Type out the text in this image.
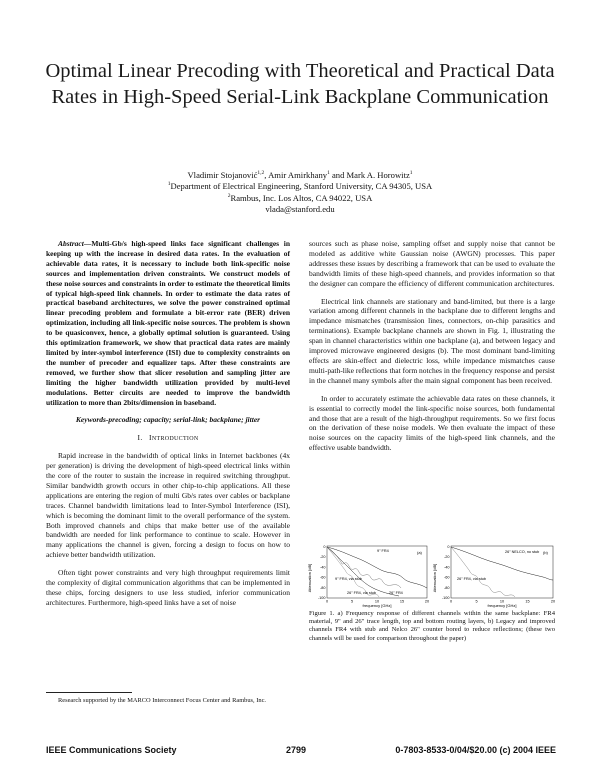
Optimal Linear Precoding with Theoretical and Practical Data Rates in High-Speed Serial-Link Backplane Communication
Vladimir Stojanović$^{1,2}$, Amir Amirkhany$^1$ and Mark A. Horowitz$^1$
$^1$Department of Electrical Engineering, Stanford University, CA 94305, USA
$^2$Rambus, Inc. Los Altos, CA 94022, USA
vlada@stanford.edu

Abstract—Multi-Gb/s high-speed links face significant challenges in keeping up with the increase in desired data rates. In the evaluation of achievable data rates, it is necessary to include both link-specific noise sources and implementation driven constraints. We construct models of these noise sources and constraints in order to estimate the theoretical limits of typical high-speed link channels. In order to estimate the data rates of practical baseband architectures, we solve the power constrained optimal linear precoding problem and formulate a bit-error rate (BER) driven optimization, including all link-specific noise sources. The problem is shown to be quasiconvex, hence, a globally optimal solution is guaranteed. Using this optimization framework, we show that practical data rates are mainly limited by inter-symbol interference (ISI) due to complexity constraints on the number of precoder and equalizer taps. After these constraints are removed, we further show that slicer resolution and sampling jitter are limiting the higher bandwidth utilization provided by multi-level modulations. Better circuits are needed to improve the bandwidth utilization to more than 2bits/dimension in baseband.

Keywords-precoding; capacity; serial-link; backplane; jitter
I. INTRODUCTION

Rapid increase in the bandwidth of optical links in Internet backbones (4x per generation) is driving the development of high-speed electrical links within the core of the router to sustain the increase in required switching throughput. Similar bandwidth growth occurs in other chip-to-chip applications. All these applications are entering the region of multi Gb/s rates over cables or backplane traces. Channel bandwidth limitations lead to Inter-Symbol Interference (ISI), which is becoming the dominant limit to the overall performance of the system. Both improved channels and chips that make better use of the available bandwidth are needed for link performance to continue to scale. However in many applications the channel is given, forcing a design to focus on how to achieve better bandwidth utilization.

Often tight power constraints and very high throughput requirements limit the complexity of digital communication algorithms that can be implemented in these chips, forcing designers to use less studied, inferior communication architectures. Furthermore, high-speed links have a set of noise

Research supported by the MARCO Interconnect Focus Center and Rambus, Inc.

sources such as phase noise, sampling offset and supply noise that cannot be modeled as additive white Gaussian noise (AWGN) processes. This paper addresses these issues by describing a framework that can be used to evaluate the bandwidth limits of these high-speed channels, and provides information so that the designer can compare the efficiency of different communication architectures.

Electrical link channels are stationary and band-limited, but there is a large variation among different channels in the backplane due to different lengths and impedance mismatches (transmission lines, connectors, on-chip parasitics and terminations). Example backplane channels are shown in Fig. 1, illustrating the span in channel characteristics within one backplane (a), and between legacy and improved microwave engineered designs (b). The most dominant band-limiting effects are skin-effect and dielectric loss, while impedance mismatches cause multi-path-like reflections that form notches in the frequency response and persist in the channel many symbols after the main signal component has been received.

In order to accurately estimate the achievable data rates on these channels, it is essential to correctly model the link-specific noise sources, both fundamental and those that are a result of the high-throughput requirements. So we first focus on the derivation of these noise models. We then evaluate the impact of these noise sources on the capacity limits of the high-speed link channels, and the effective usable bandwidth.

Attenuation [dB]
0
-20
-40
-60
-80
-100
0	5	10	15	20
frequency [GHz]
(a)
9" FR4
9" FR4, via stub
26" FR4, via stub	26" FR4
Attenuation [dB]
0
-20
-40
-60
-80
-100
0	5	10	15	20
frequency [GHz]
(b)
26" NELCO, no stub
26" FR4, via stub
Figure 1. a) Frequency response of different channels within the same backplane: FR4 material, 9" and 26" trace length, top and bottom routing layers, b) Legacy and improved channels FR4 with stub and Nelco 26" counter bored to reduce reflections; (these two channels will be used for comparison throughout the paper)
IEEE Communications Society	2799	0-7803-8533-0/04/$20.00 (c) 2004 IEEE
